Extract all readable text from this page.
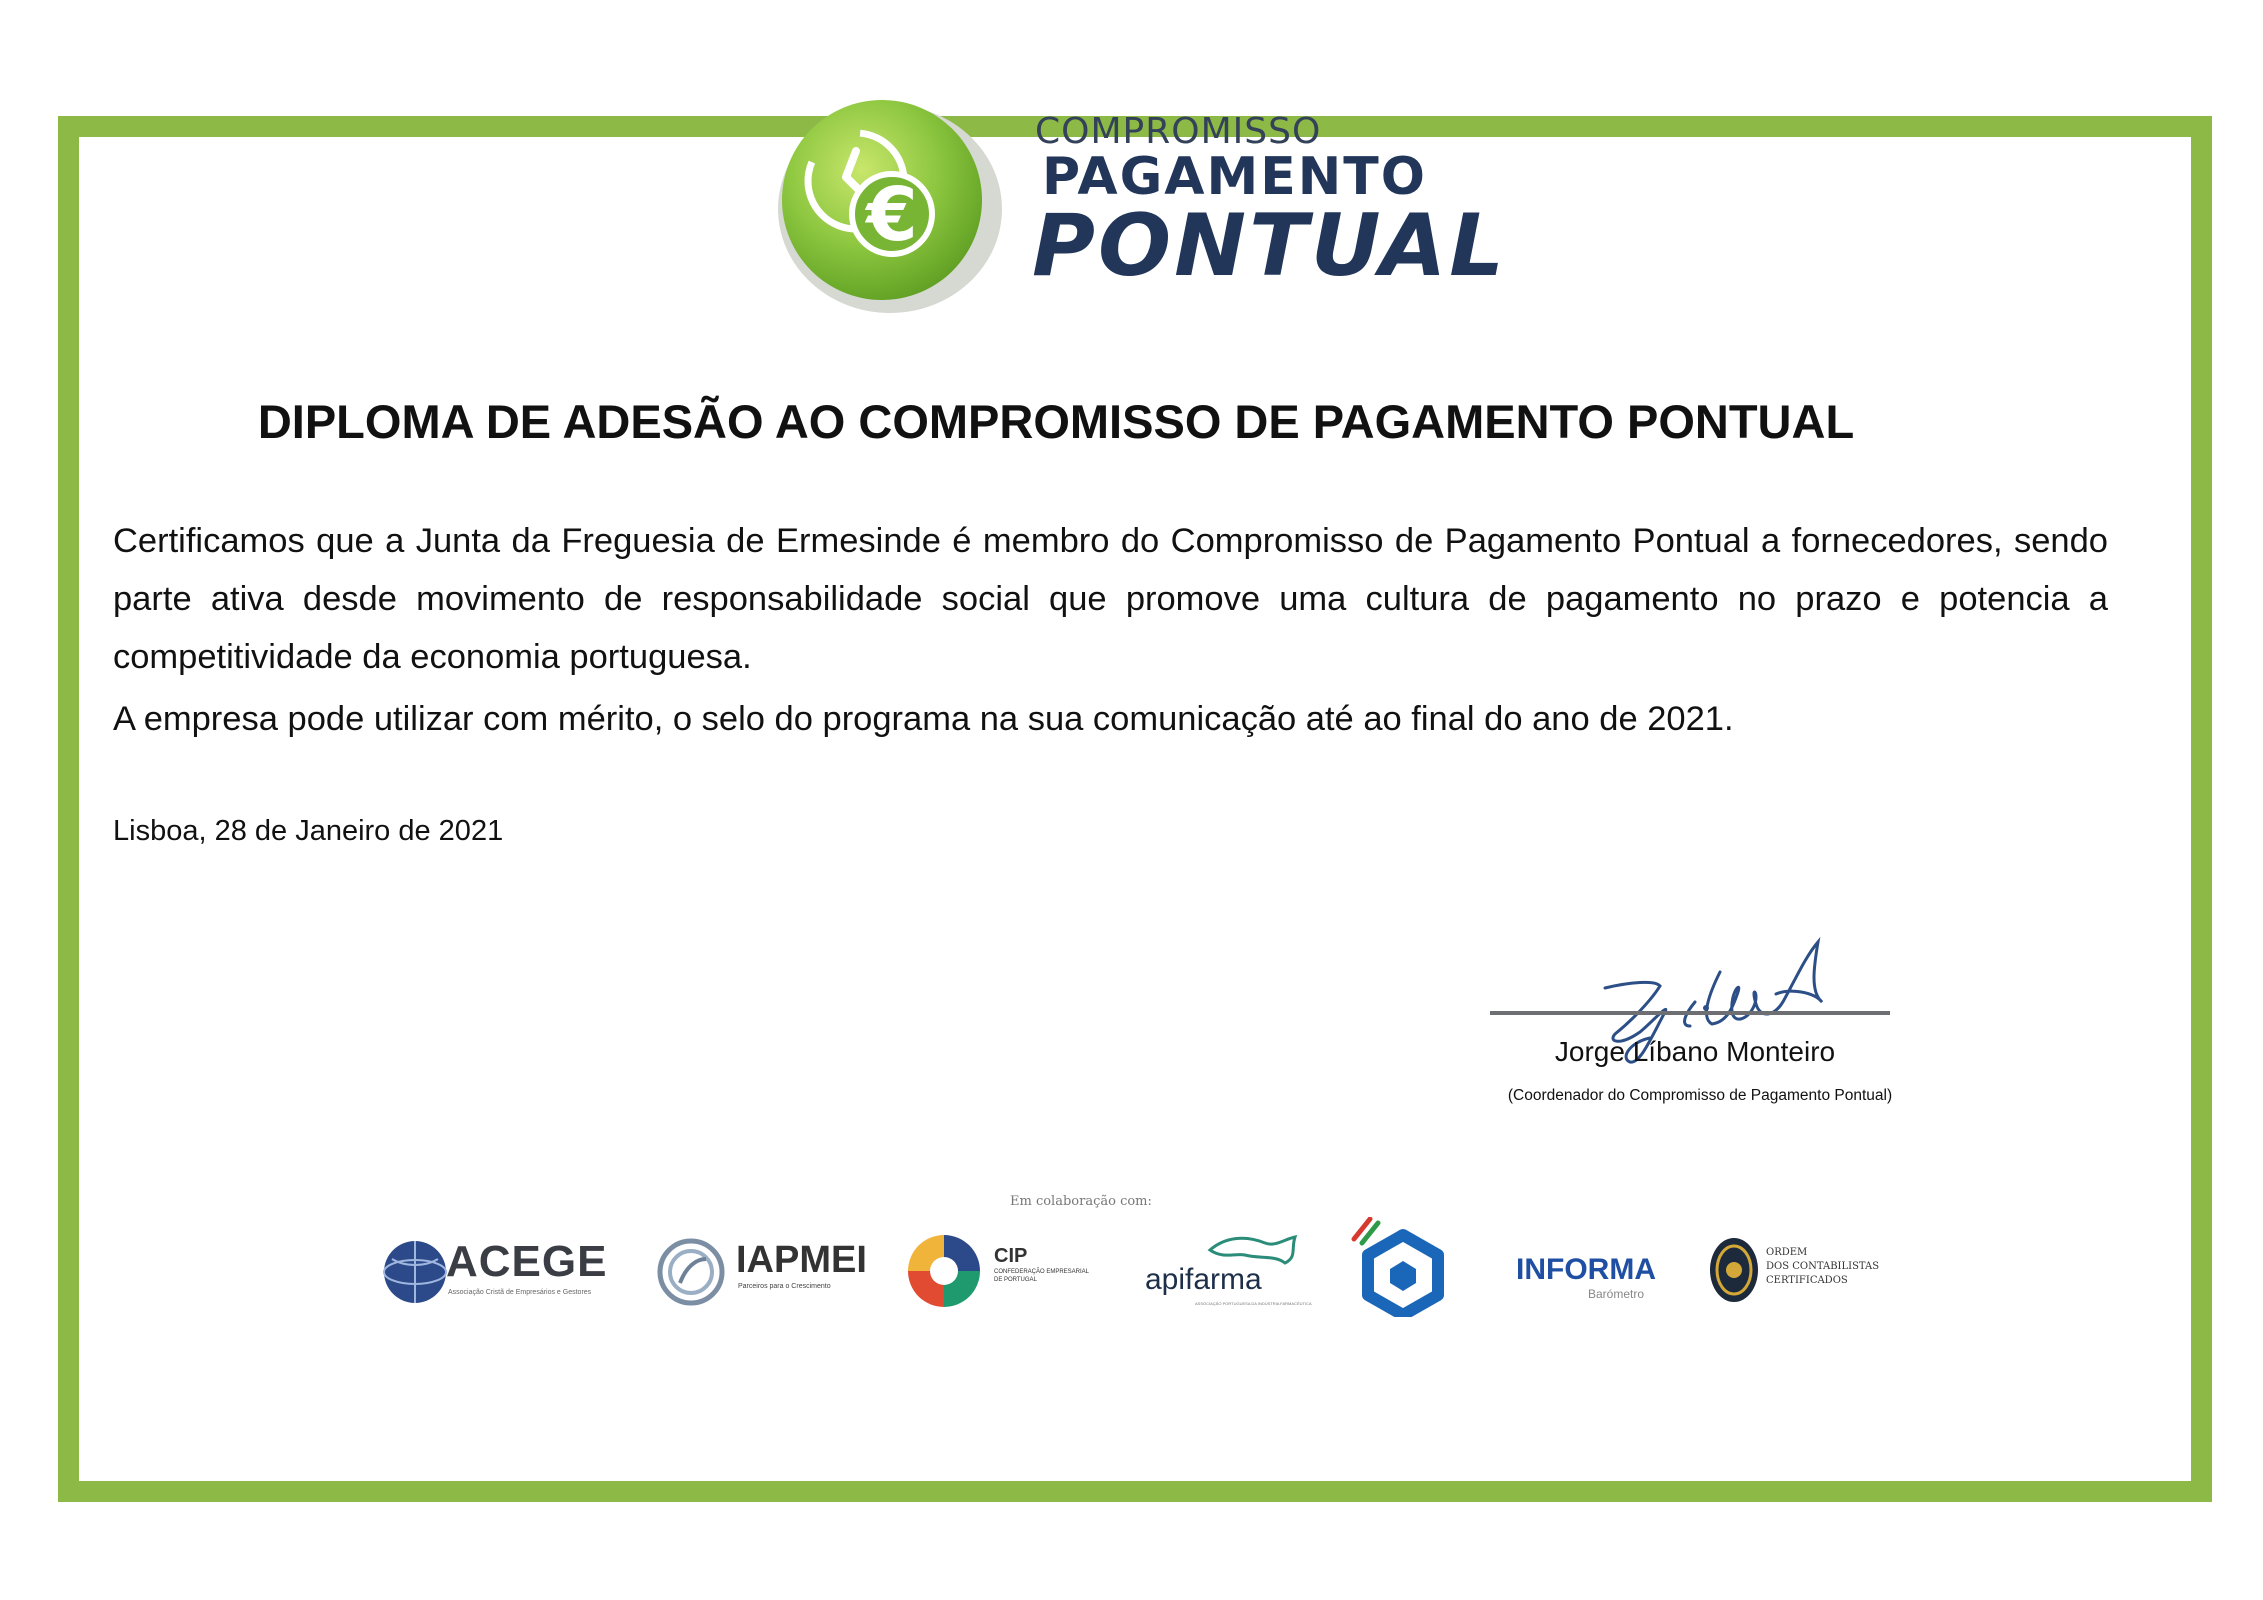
€
COMPROMISSO
PAGAMENTO
PONTUAL
DIPLOMA DE ADESÃO AO COMPROMISSO DE PAGAMENTO PONTUAL

Certificamos que a Junta da Freguesia de Ermesinde é membro do Compromisso de Pagamento Pontual a fornecedores, sendo parte ativa desde movimento de responsabilidade social que promove uma cultura de pagamento no prazo e potencia a competitividade da economia portuguesa.

A empresa pode utilizar com mérito, o selo do programa na sua comunicação até ao final do ano de 2021.

Lisboa, 28 de Janeiro de 2021
Jorge Líbano Monteiro
(Coordenador do Compromisso de Pagamento Pontual)
Em colaboração com:
ACEGE
Associação Cristã de Empresários e Gestores
IAPMEI
Parceiros para o Crescimento
CIP
CONFEDERAÇÃO EMPRESARIAL
DE PORTUGAL	apifarma
ASSOCIAÇÃO PORTUGUESA DA INDÚSTRIA FARMACÊUTICA
INFORMA
Barómetro
ORDEM
DOS CONTABILISTAS
CERTIFICADOS
